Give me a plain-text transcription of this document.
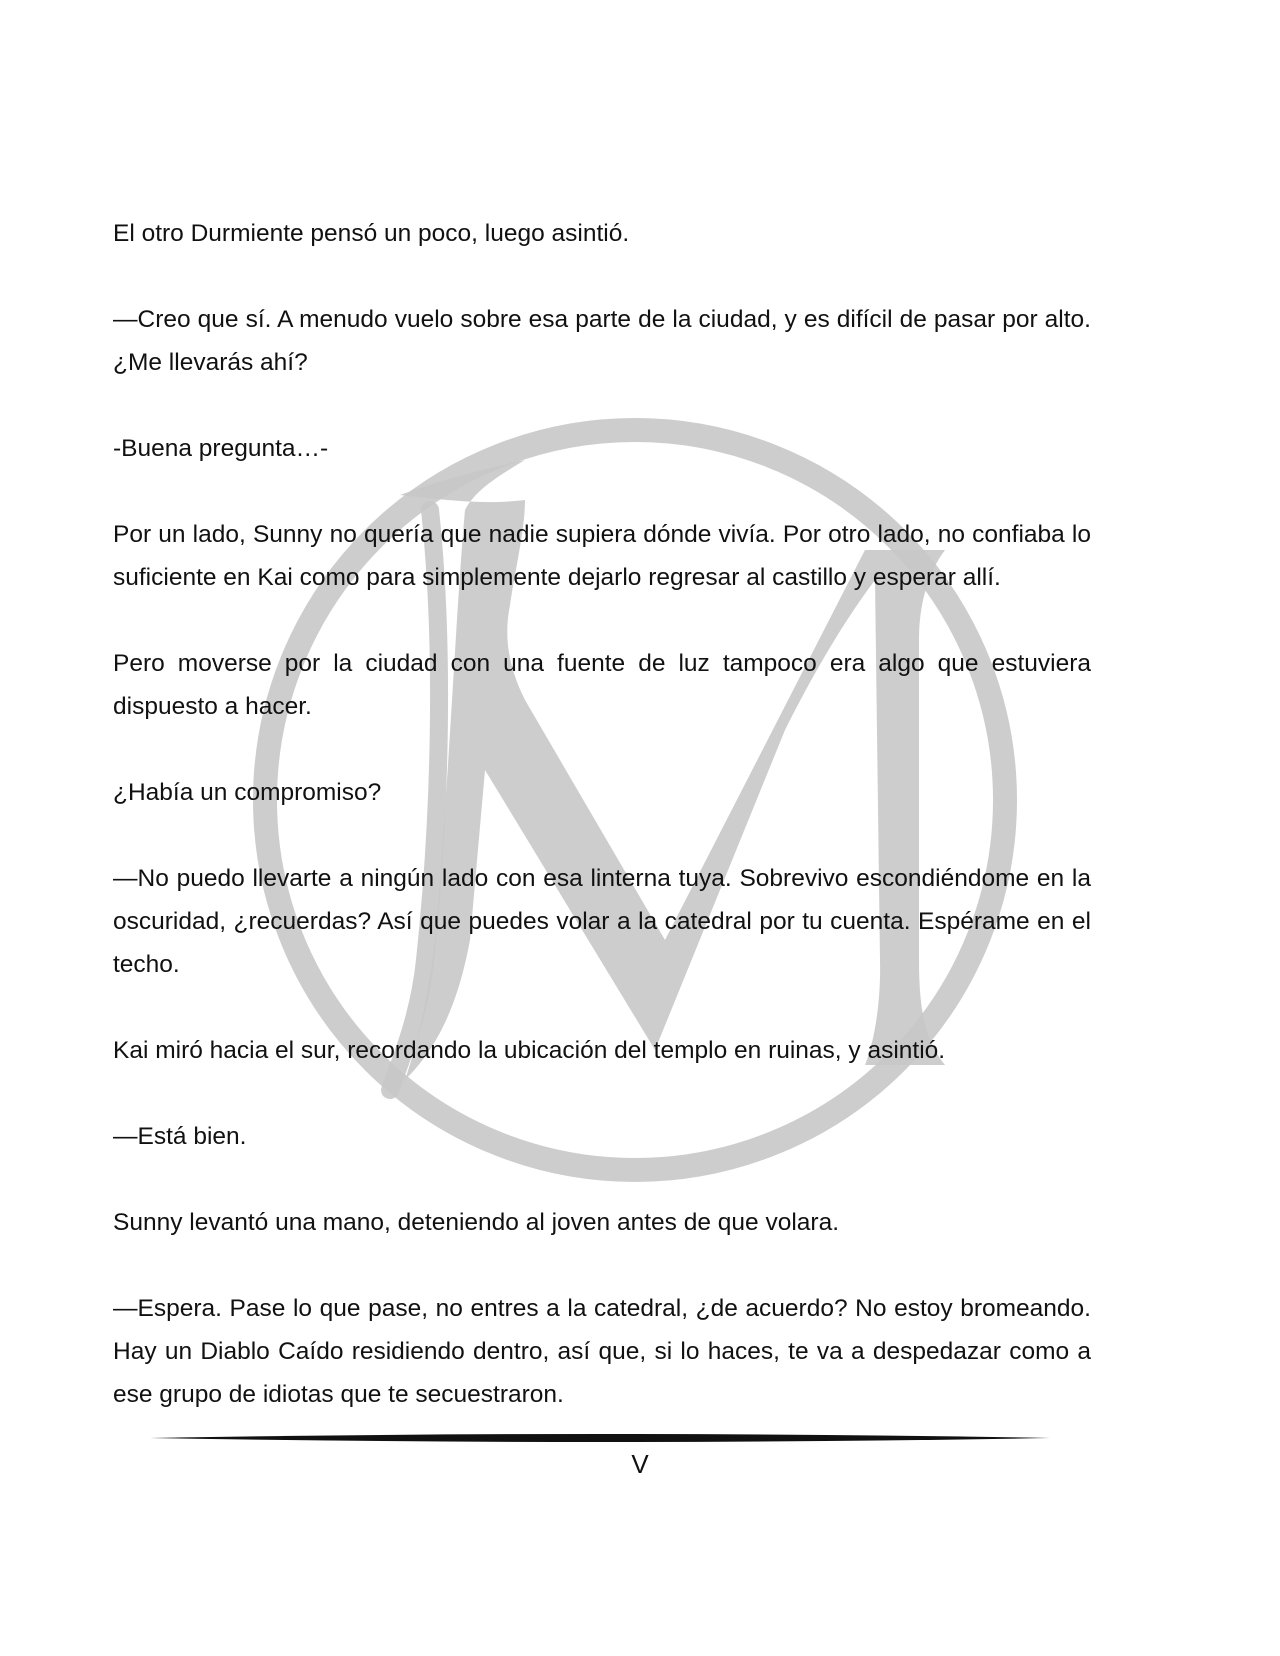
El otro Durmiente pensó un poco, luego asintió.

—Creo que sí. A menudo vuelo sobre esa parte de la ciudad, y es difícil de pasar por alto. ¿Me llevarás ahí?

-Buena pregunta…-

Por un lado, Sunny no quería que nadie supiera dónde vivía. Por otro lado, no confiaba lo suficiente en Kai como para simplemente dejarlo regresar al castillo y esperar allí.

Pero moverse por la ciudad con una fuente de luz tampoco era algo que estuviera dispuesto a hacer.

¿Había un compromiso?

—No puedo llevarte a ningún lado con esa linterna tuya. Sobrevivo escondiéndome en la oscuridad, ¿recuerdas? Así que puedes volar a la catedral por tu cuenta. Espérame en el techo.

Kai miró hacia el sur, recordando la ubicación del templo en ruinas, y asintió.

—Está bien.

Sunny levantó una mano, deteniendo al joven antes de que volara.

—Espera. Pase lo que pase, no entres a la catedral, ¿de acuerdo? No estoy bromeando. Hay un Diablo Caído residiendo dentro, así que, si lo haces, te va a despedazar como a ese grupo de idiotas que te secuestraron.

V
